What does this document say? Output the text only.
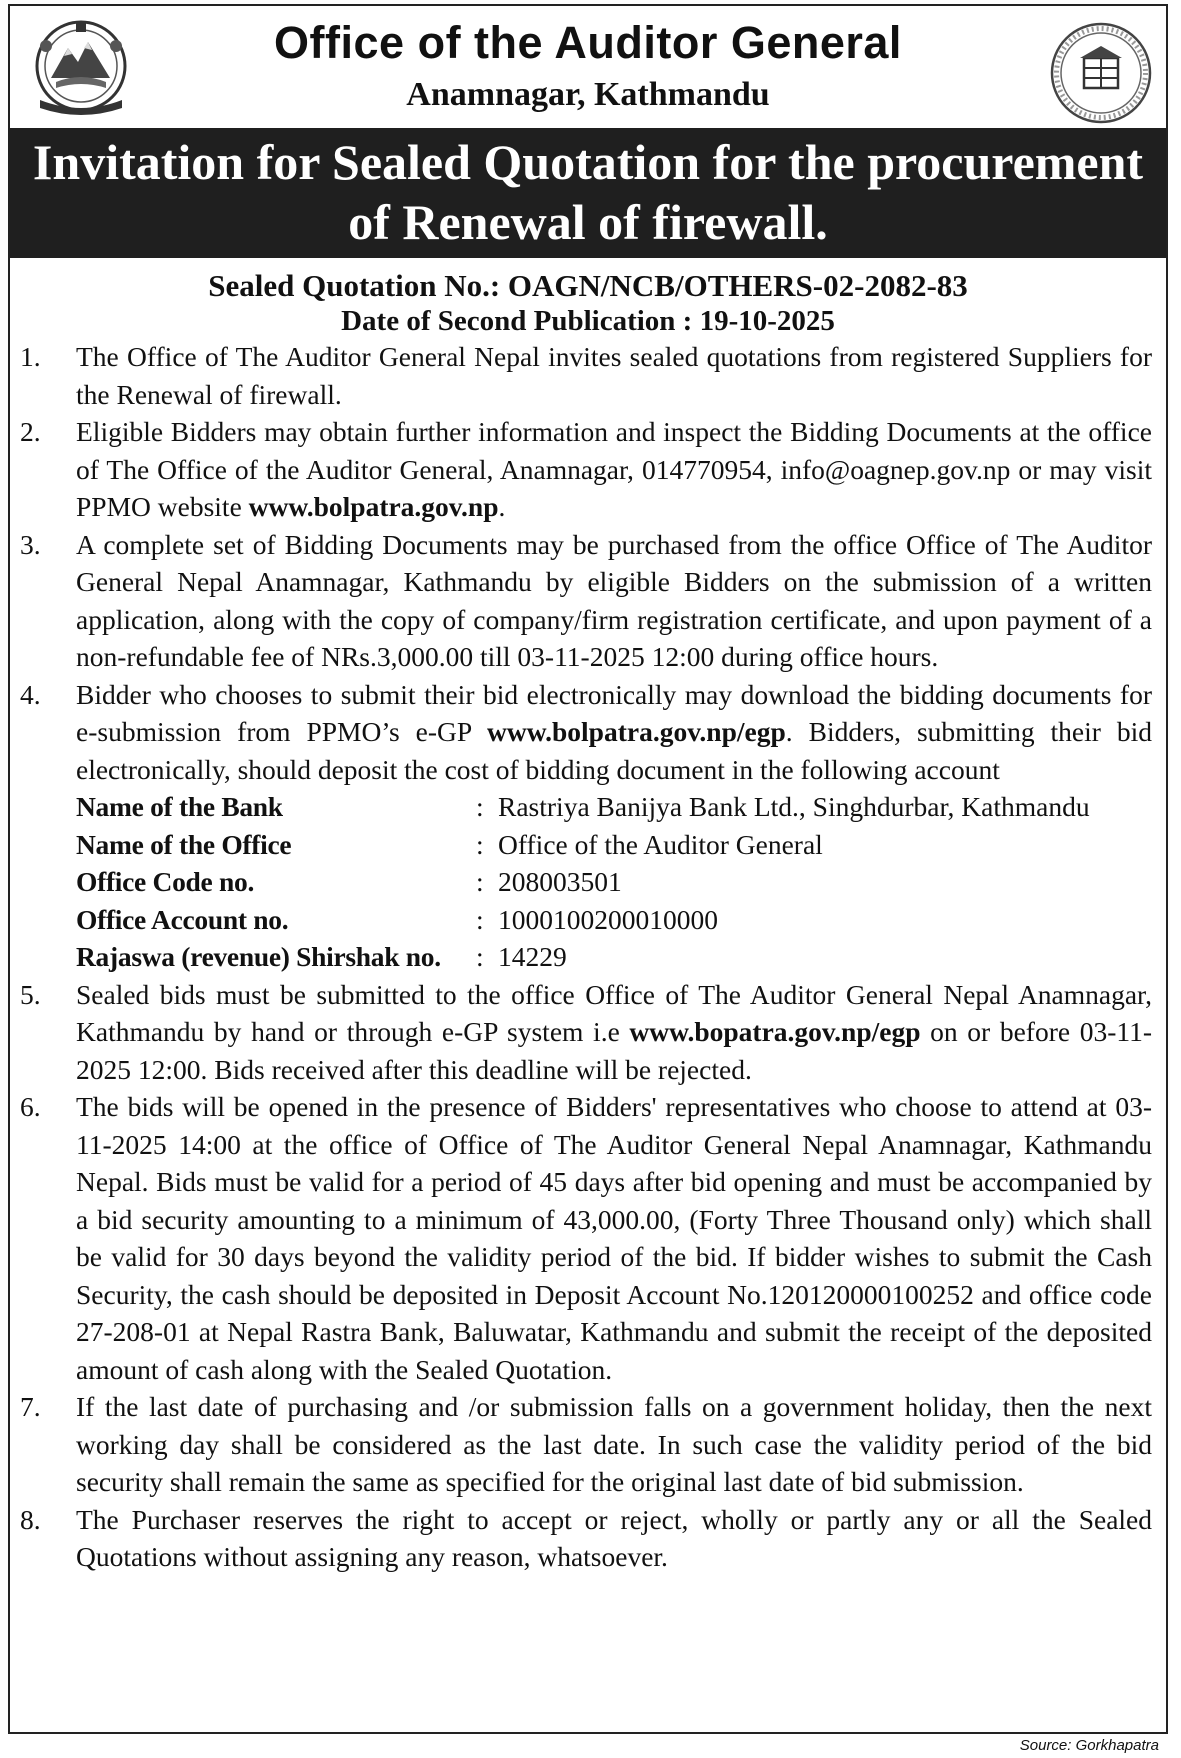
Office of the Auditor General
Anamnagar, Kathmandu
Invitation for Sealed Quotation for the procurement
of Renewal of firewall.
Sealed Quotation No.: OAGN/NCB/OTHERS-02-2082-83
Date of Second Publication : 19-10-2025
1.	The Office of The Auditor General Nepal invites sealed quotations from registered Suppliers for the Renewal of firewall.
2.	Eligible Bidders may obtain further information and inspect the Bidding Documents at the office of The Office of the Auditor General, Anamnagar, 014770954, info@oagnep.gov.np or may visit PPMO website www.bolpatra.gov.np.
3.	A complete set of Bidding Documents may be purchased from the office Office of The Auditor General Nepal Anamnagar, Kathmandu by eligible Bidders on the submission of a written application, along with the copy of company/firm registration certificate, and upon payment of a non-refundable fee of NRs.3,000.00 till 03-11-2025 12:00 during office hours.
4.	Bidder who chooses to submit their bid electronically may download the bidding documents for e-submission from PPMO’s e-GP www.bolpatra.gov.np/egp. Bidders, submitting their bid electronically, should deposit the cost of bidding document in the following account
Name of the Bank	:	Rastriya Banijya Bank Ltd., Singhdurbar, Kathmandu
Name of the Office	:	Office of the Auditor General
Office Code no.	:	208003501
Office Account no.	:	1000100200010000
Rajaswa (revenue) Shirshak no.	:	14229
5.	Sealed bids must be submitted to the office Office of The Auditor General Nepal Anamnagar, Kathmandu by hand or through e-GP system i.e www.bopatra.gov.np/egp on or before 03-11-2025 12:00. Bids received after this deadline will be rejected.
6.	The bids will be opened in the presence of Bidders' representatives who choose to attend at 03-11-2025 14:00 at the office of Office of The Auditor General Nepal Anamnagar, Kathmandu Nepal. Bids must be valid for a period of 45 days after bid opening and must be accompanied by a bid security amounting to a minimum of 43,000.00, (Forty Three Thousand only) which shall be valid for 30 days beyond the validity period of the bid. If bidder wishes to submit the Cash Security, the cash should be deposited in Deposit Account No.120120000100252 and office code 27-208-01 at Nepal Rastra Bank, Baluwatar, Kathmandu and submit the receipt of the deposited amount of cash along with the Sealed Quotation.
7.	If the last date of purchasing and /or submission falls on a government holiday, then the next working day shall be considered as the last date. In such case the validity period of the bid security shall remain the same as specified for the original last date of bid submission.
8.	The Purchaser reserves the right to accept or reject, wholly or partly any or all the Sealed Quotations without assigning any reason, whatsoever.
Source: Gorkhapatra
